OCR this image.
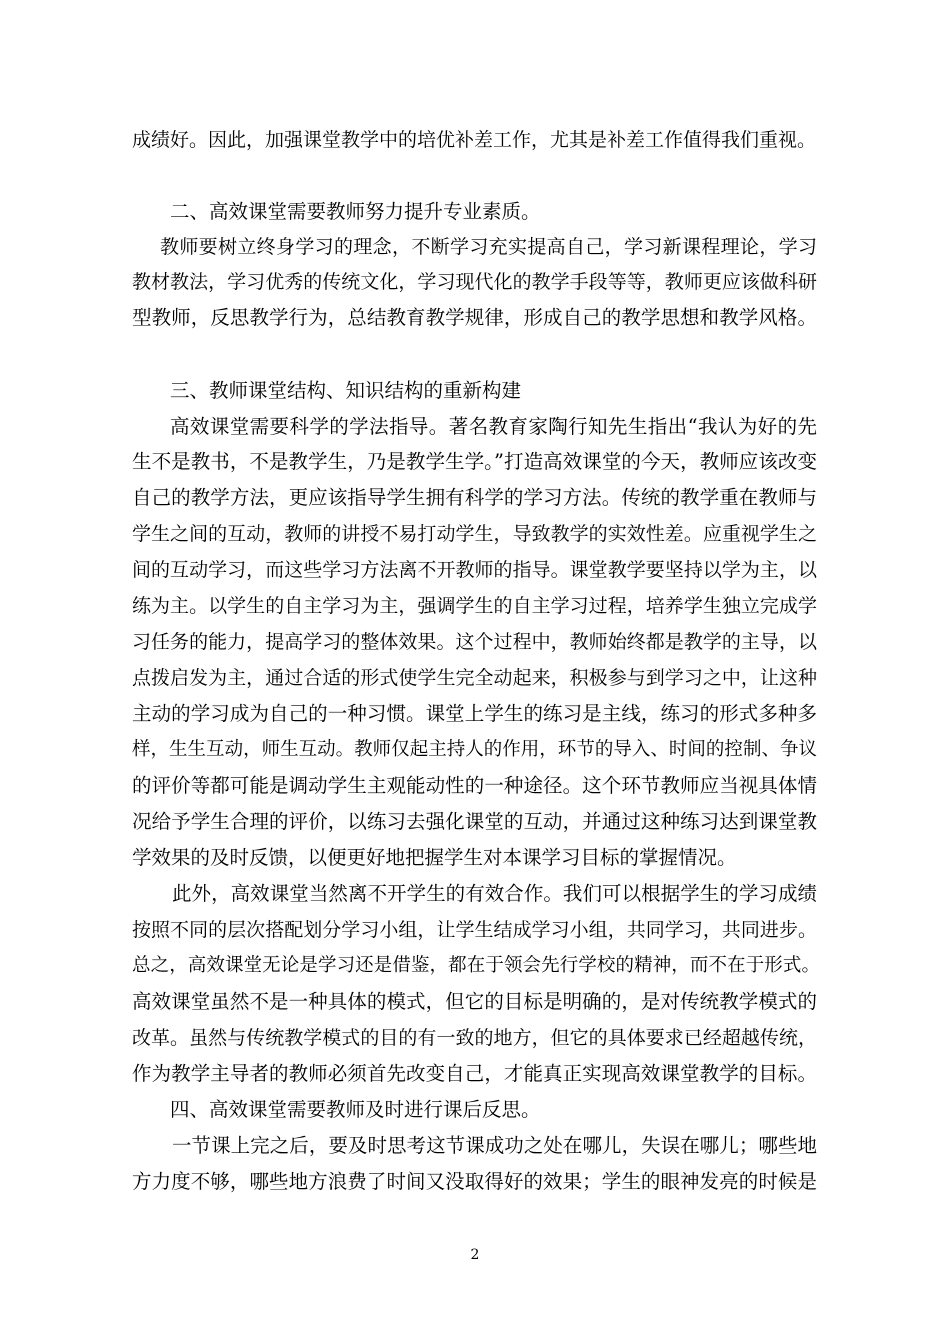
成绩好。因此，加强课堂教学中的培优补差工作，尤其是补差工作值得我们重视。
二、高效课堂需要教师努力提升专业素质。
教师要树立终身学习的理念，不断学习充实提高自己，学习新课程理论，学习
教材教法，学习优秀的传统文化，学习现代化的教学手段等等，教师更应该做科研
型教师，反思教学行为，总结教育教学规律，形成自己的教学思想和教学风格。
三、教师课堂结构、知识结构的重新构建
高效课堂需要科学的学法指导。著名教育家陶行知先生指出“我认为好的先
生不是教书，不是教学生，乃是教学生学。”打造高效课堂的今天，教师应该改变
自己的教学方法，更应该指导学生拥有科学的学习方法。传统的教学重在教师与
学生之间的互动，教师的讲授不易打动学生，导致教学的实效性差。应重视学生之
间的互动学习，而这些学习方法离不开教师的指导。课堂教学要坚持以学为主，以
练为主。以学生的自主学习为主，强调学生的自主学习过程，培养学生独立完成学
习任务的能力，提高学习的整体效果。这个过程中，教师始终都是教学的主导，以
点拨启发为主，通过合适的形式使学生完全动起来，积极参与到学习之中，让这种
主动的学习成为自己的一种习惯。课堂上学生的练习是主线，练习的形式多种多
样，生生互动，师生互动。教师仅起主持人的作用，环节的导入、时间的控制、争议
的评价等都可能是调动学生主观能动性的一种途径。这个环节教师应当视具体情
况给予学生合理的评价，以练习去强化课堂的互动，并通过这种练习达到课堂教
学效果的及时反馈，以便更好地把握学生对本课学习目标的掌握情况。
此外，高效课堂当然离不开学生的有效合作。我们可以根据学生的学习成绩
按照不同的层次搭配划分学习小组，让学生结成学习小组，共同学习，共同进步。
总之，高效课堂无论是学习还是借鉴，都在于领会先行学校的精神，而不在于形式。
高效课堂虽然不是一种具体的模式，但它的目标是明确的，是对传统教学模式的
改革。虽然与传统教学模式的目的有一致的地方，但它的具体要求已经超越传统，
作为教学主导者的教师必须首先改变自己，才能真正实现高效课堂教学的目标。
四、高效课堂需要教师及时进行课后反思。
一节课上完之后，要及时思考这节课成功之处在哪儿，失误在哪儿；哪些地
方力度不够，哪些地方浪费了时间又没取得好的效果；学生的眼神发亮的时候是
2
